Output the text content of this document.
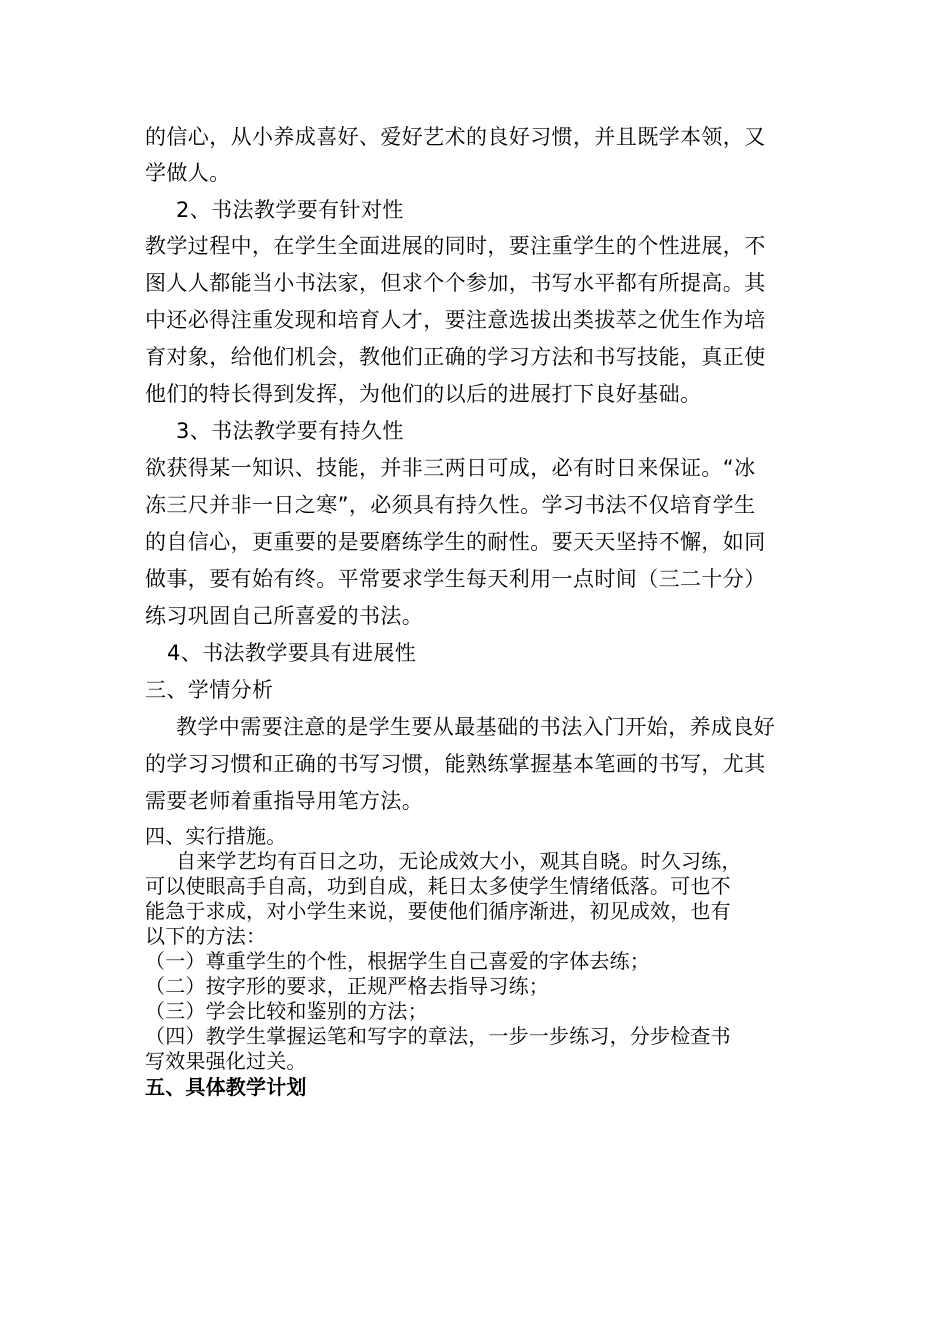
的信心，从小养成喜好、爱好艺术的良好习惯，并且既学本领，又
学做人。
2、书法教学要有针对性
教学过程中，在学生全面进展的同时，要注重学生的个性进展，不
图人人都能当小书法家，但求个个参加，书写水平都有所提高。其
中还必得注重发现和培育人才，要注意选拔出类拔萃之优生作为培
育对象，给他们机会，教他们正确的学习方法和书写技能，真正使
他们的特长得到发挥，为他们的以后的进展打下良好基础。
3、书法教学要有持久性
欲获得某一知识、技能，并非三两日可成，必有时日来保证。“冰
冻三尺并非一日之寒”，必须具有持久性。学习书法不仅培育学生
的自信心，更重要的是要磨练学生的耐性。要天天坚持不懈，如同
做事，要有始有终。平常要求学生每天利用一点时间（三二十分）
练习巩固自己所喜爱的书法。
4、书法教学要具有进展性
三、学情分析
教学中需要注意的是学生要从最基础的书法入门开始，养成良好
的学习习惯和正确的书写习惯，能熟练掌握基本笔画的书写，尤其
需要老师着重指导用笔方法。
四、实行措施。
自来学艺均有百日之功，无论成效大小，观其自晓。时久习练，
可以使眼高手自高，功到自成，耗日太多使学生情绪低落。可也不
能急于求成，对小学生来说，要使他们循序渐进，初见成效，也有
以下的方法：
（一）尊重学生的个性，根据学生自己喜爱的字体去练；
（二）按字形的要求，正规严格去指导习练；
（三）学会比较和鉴别的方法；
（四）教学生掌握运笔和写字的章法，一步一步练习，分步检查书
写效果强化过关。
五、具体教学计划
